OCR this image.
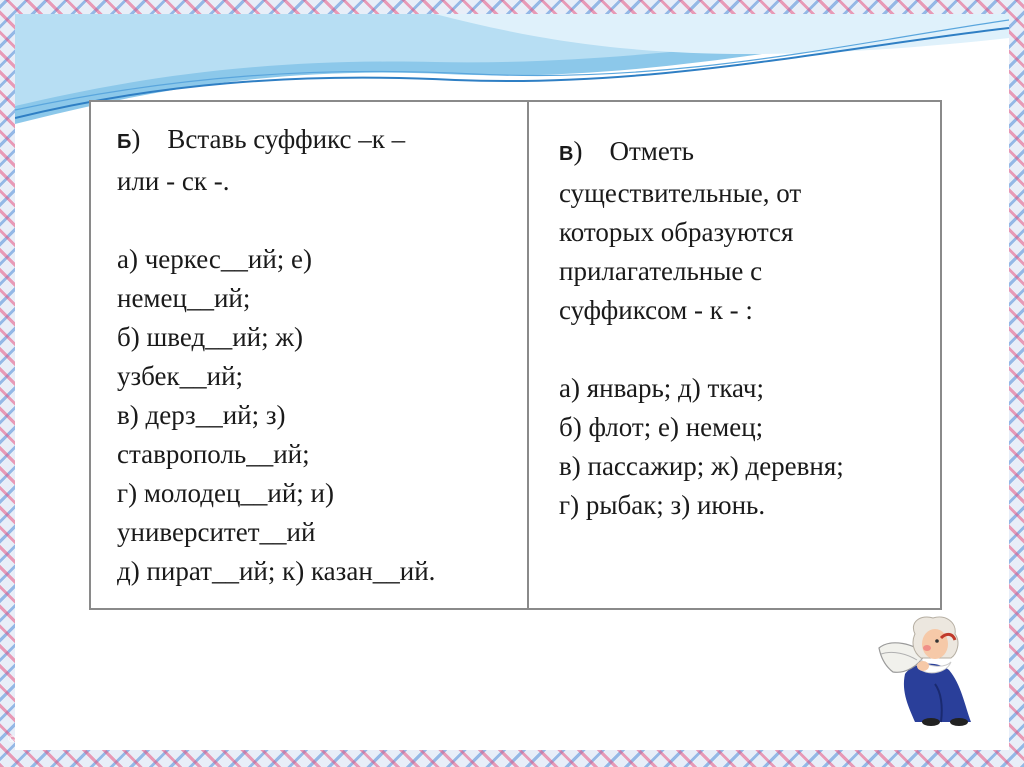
Б) Вставь суффикс –к –
или - ск -.
а) черкес__ий; е)
немец__ий;
б) швед__ий; ж)
узбек__ий;
в) дерз__ий; з)
ставрополь__ий;
г) молодец__ий; и)
университет__ий
д) пират__ий; к) казан__ий.
В) Отметь
существительные, от
которых образуются
прилагательные с
суффиксом - к - :
а) январь; д) ткач;
б) флот; е) немец;
в) пассажир; ж) деревня;
г) рыбак; з) июнь.
© Фокина Лидия Петровна
